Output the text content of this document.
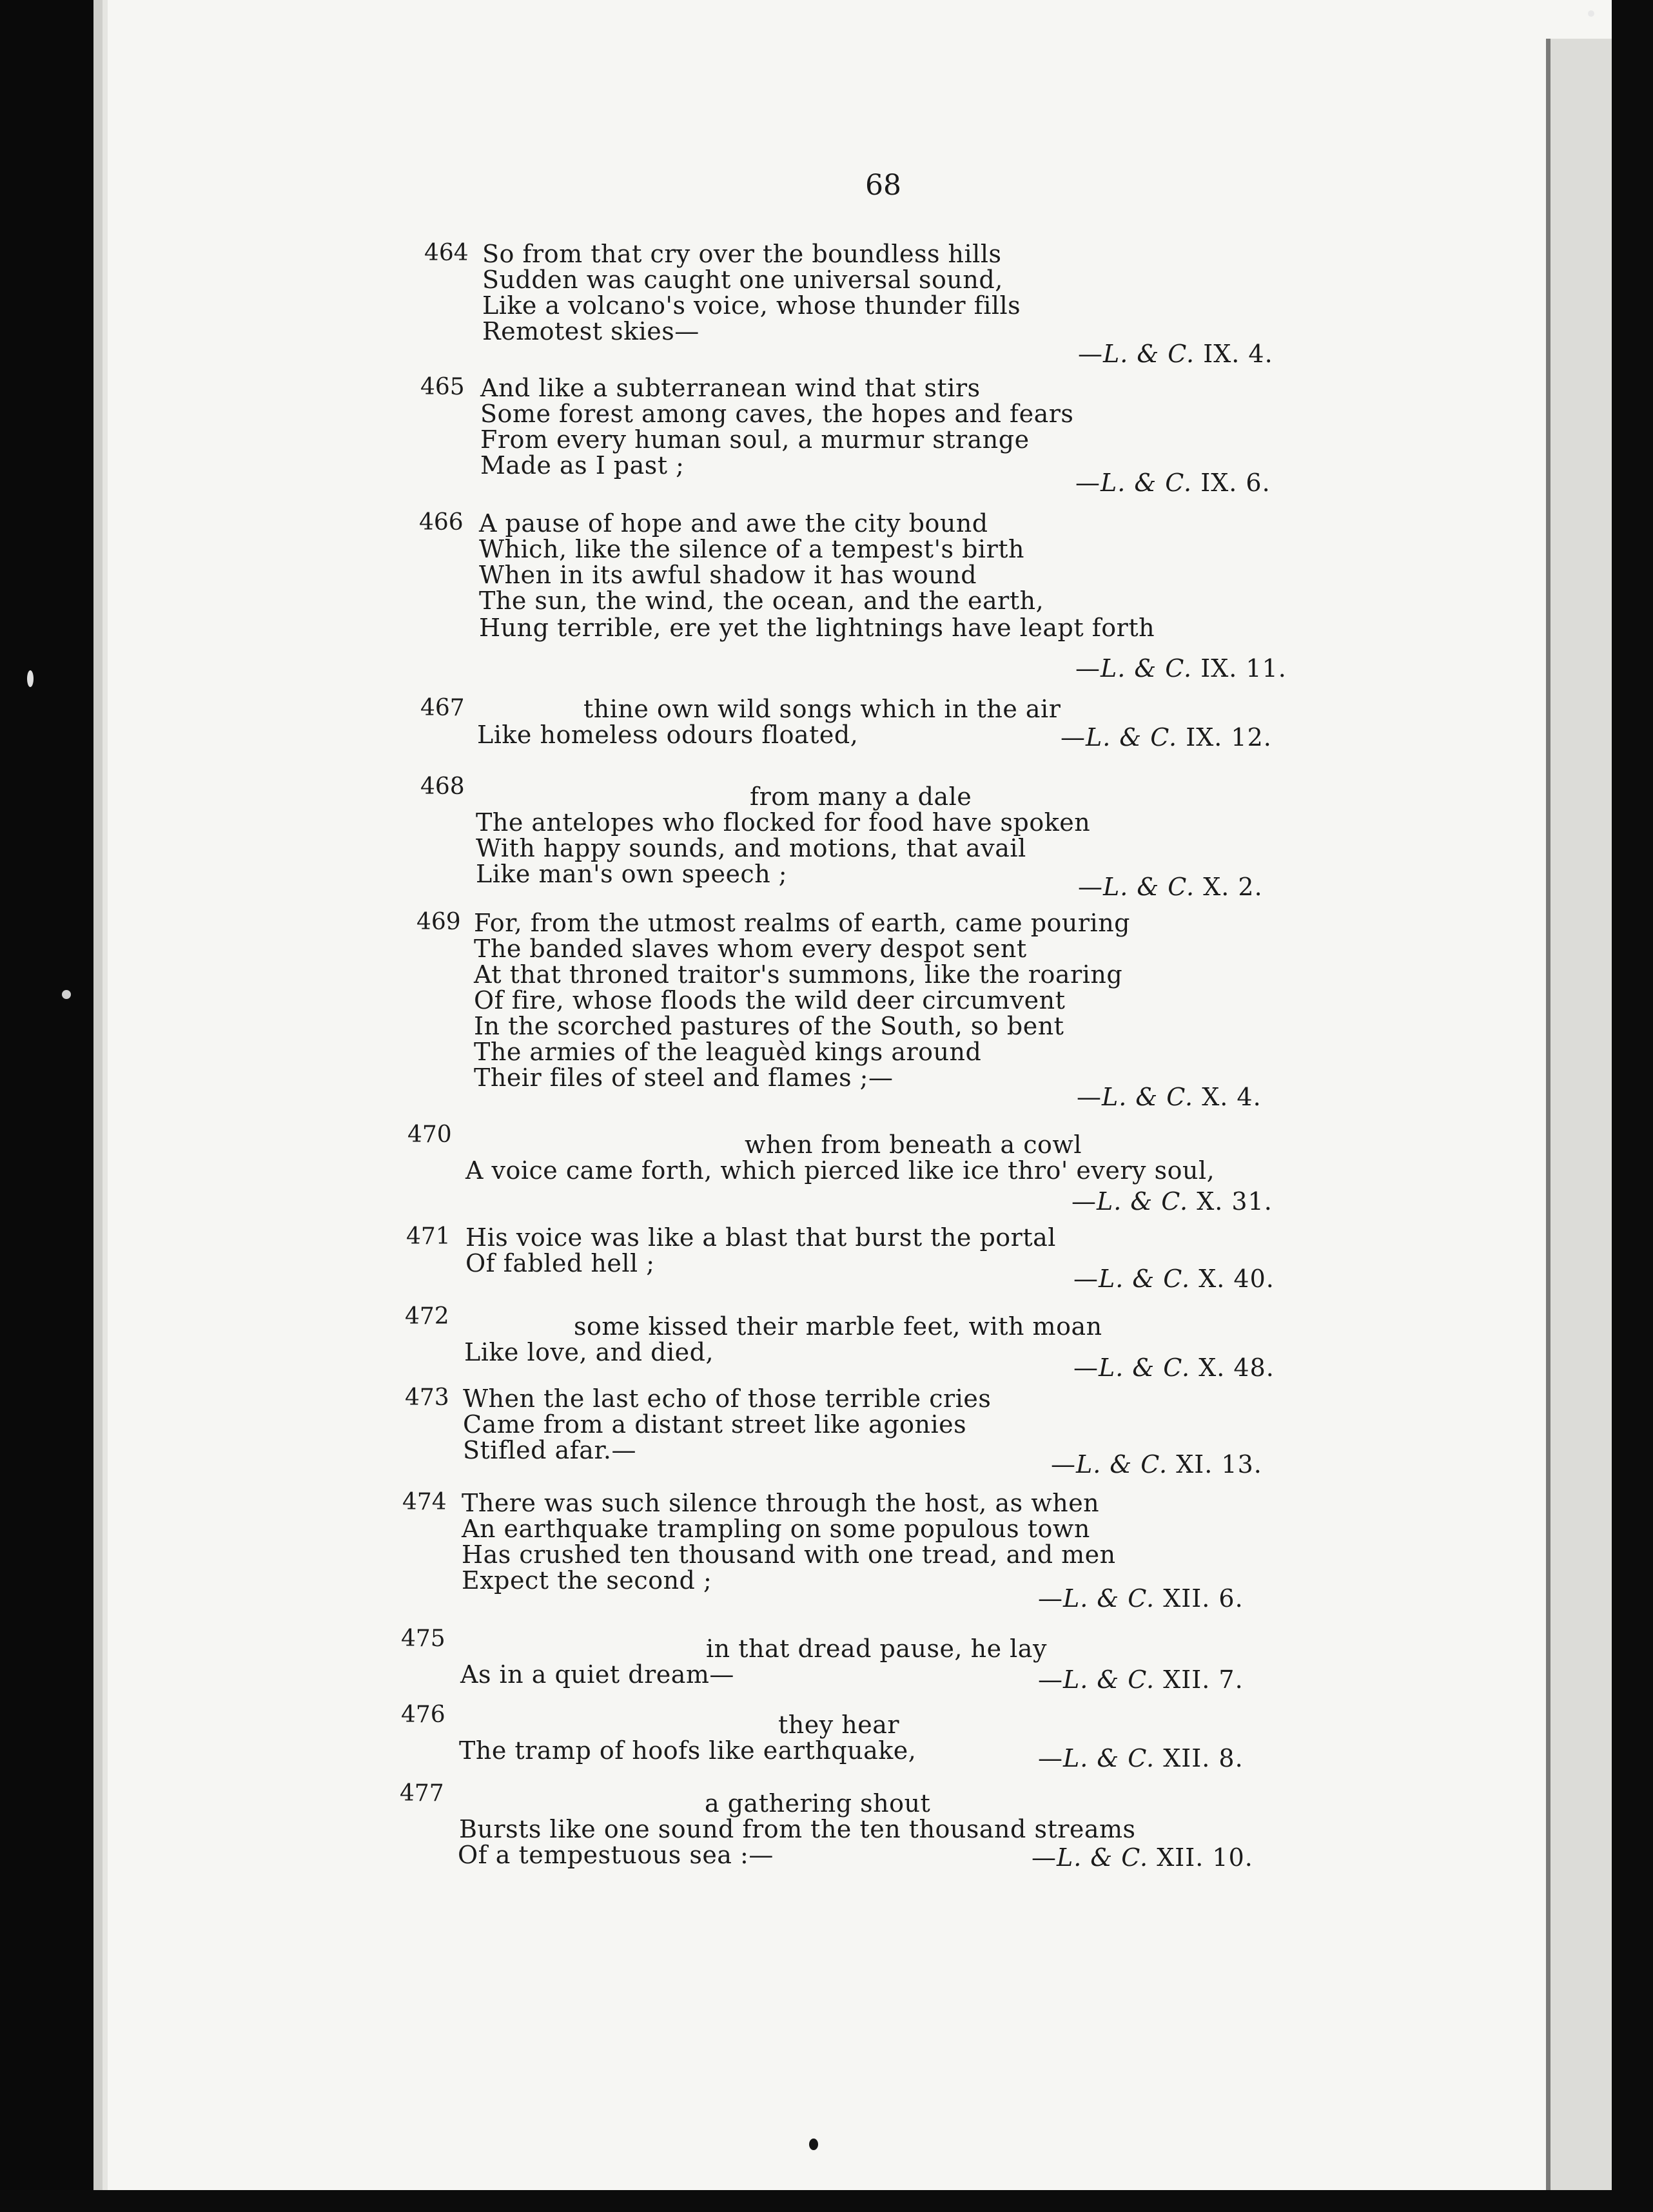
68
464 So from that cry over the boundless hills
Sudden was caught one universal sound,
Like a volcano's voice, whose thunder fills
Remotest skies—
—L. & C. IX. 4.
465 And like a subterranean wind that stirs
Some forest among caves, the hopes and fears
From every human soul, a murmur strange
Made as I past ;
—L. & C. IX. 6.
466 A pause of hope and awe the city bound
Which, like the silence of a tempest's birth
When in its awful shadow it has wound
The sun, the wind, the ocean, and the earth,
Hung terrible, ere yet the lightnings have leapt forth
—L. & C. IX. 11.
467	thine own wild songs which in the air
Like homeless odours floated,	—L. & C. IX. 12.
468	from many a dale
The antelopes who flocked for food have spoken
With happy sounds, and motions, that avail
Like man's own speech ;	—L. & C. X. 2.
469 For, from the utmost realms of earth, came pouring
The banded slaves whom every despot sent
At that throned traitor's summons, like the roaring
Of fire, whose floods the wild deer circumvent
In the scorched pastures of the South, so bent
The armies of the leaguèd kings around
Their files of steel and flames ;—
—L. & C. X. 4.
470	when from beneath a cowl
A voice came forth, which pierced like ice thro' every soul,
—L. & C. X. 31.
471 His voice was like a blast that burst the portal
Of fabled hell ;
—L. & C. X. 40.
472	some kissed their marble feet, with moan
Like love, and died,
—L. & C. X. 48.
473 When the last echo of those terrible cries
Came from a distant street like agonies
Stifled afar.—	—L. & C. XI. 13.
474 There was such silence through the host, as when
An earthquake trampling on some populous town
Has crushed ten thousand with one tread, and men
Expect the second ;
—L. & C. XII. 6.
475	in that dread pause, he lay
As in a quiet dream—	—L. & C. XII. 7.
476	they hear
The tramp of hoofs like earthquake,	—L. & C. XII. 8.
477	a gathering shout
Bursts like one sound from the ten thousand streams
Of a tempestuous sea :—	—L. & C. XII. 10.
